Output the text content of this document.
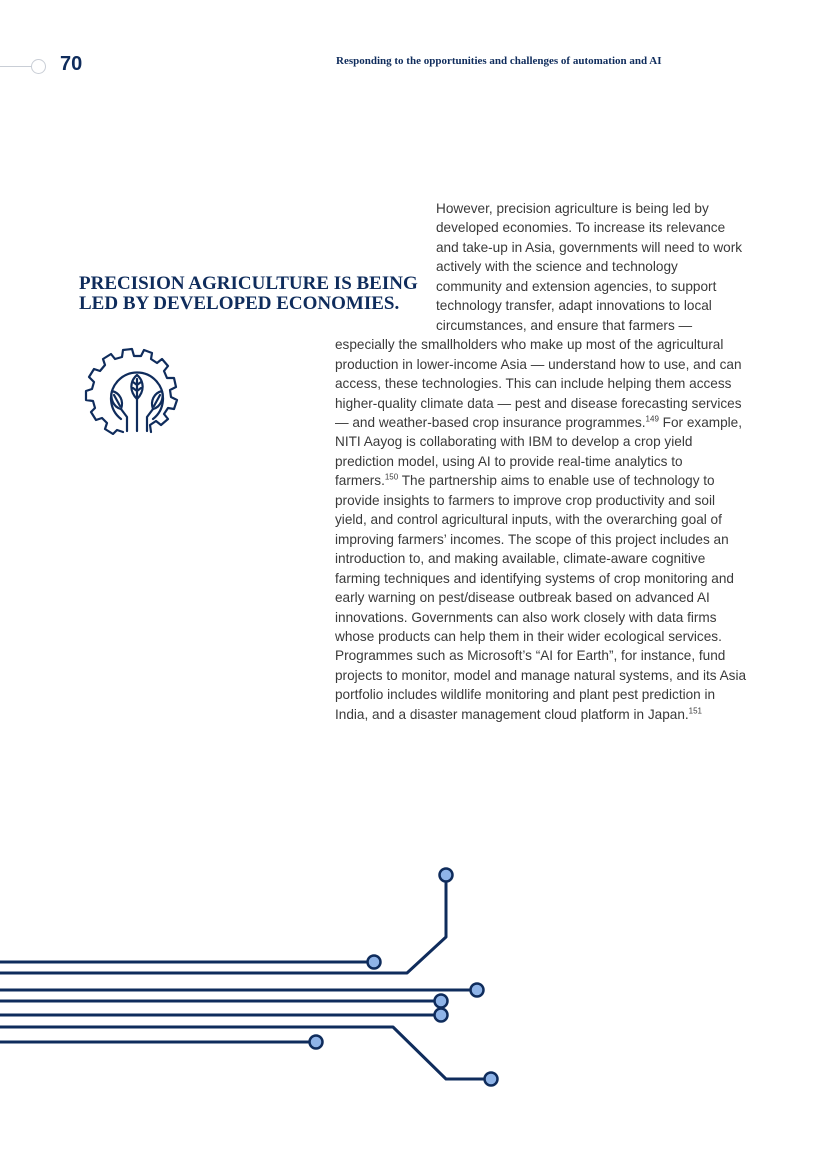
70	Responding to the opportunities and challenges of automation and AI
PRECISION AGRICULTURE IS BEING LED BY DEVELOPED ECONOMIES.
However, precision agriculture is being led by developed economies. To increase its relevance and take-up in Asia, governments will need to work actively with the science and technology community and extension agencies, to support technology transfer, adapt innovations to local circumstances, and ensure that farmers — especially the smallholders who make up most of the agricultural production in lower-income Asia — understand how to use, and can access, these technologies. This can include helping them access higher-quality climate data — pest and disease forecasting services — and weather-based crop insurance programmes.$^{149}$ For example, NITI Aayog is collaborating with IBM to develop a crop yield prediction model, using AI to provide real-time analytics to farmers.$^{150}$ The partnership aims to enable use of technology to provide insights to farmers to improve crop productivity and soil yield, and control agricultural inputs, with the overarching goal of improving farmers’ incomes. The scope of this project includes an introduction to, and making available, climate-aware cognitive farming techniques and identifying systems of crop monitoring and early warning on pest/disease outbreak based on advanced AI innovations. Governments can also work closely with data firms whose products can help them in their wider ecological services. Programmes such as Microsoft’s “AI for Earth”, for instance, fund projects to monitor, model and manage natural systems, and its Asia portfolio includes wildlife monitoring and plant pest prediction in India, and a disaster management cloud platform in Japan.$^{151}$
